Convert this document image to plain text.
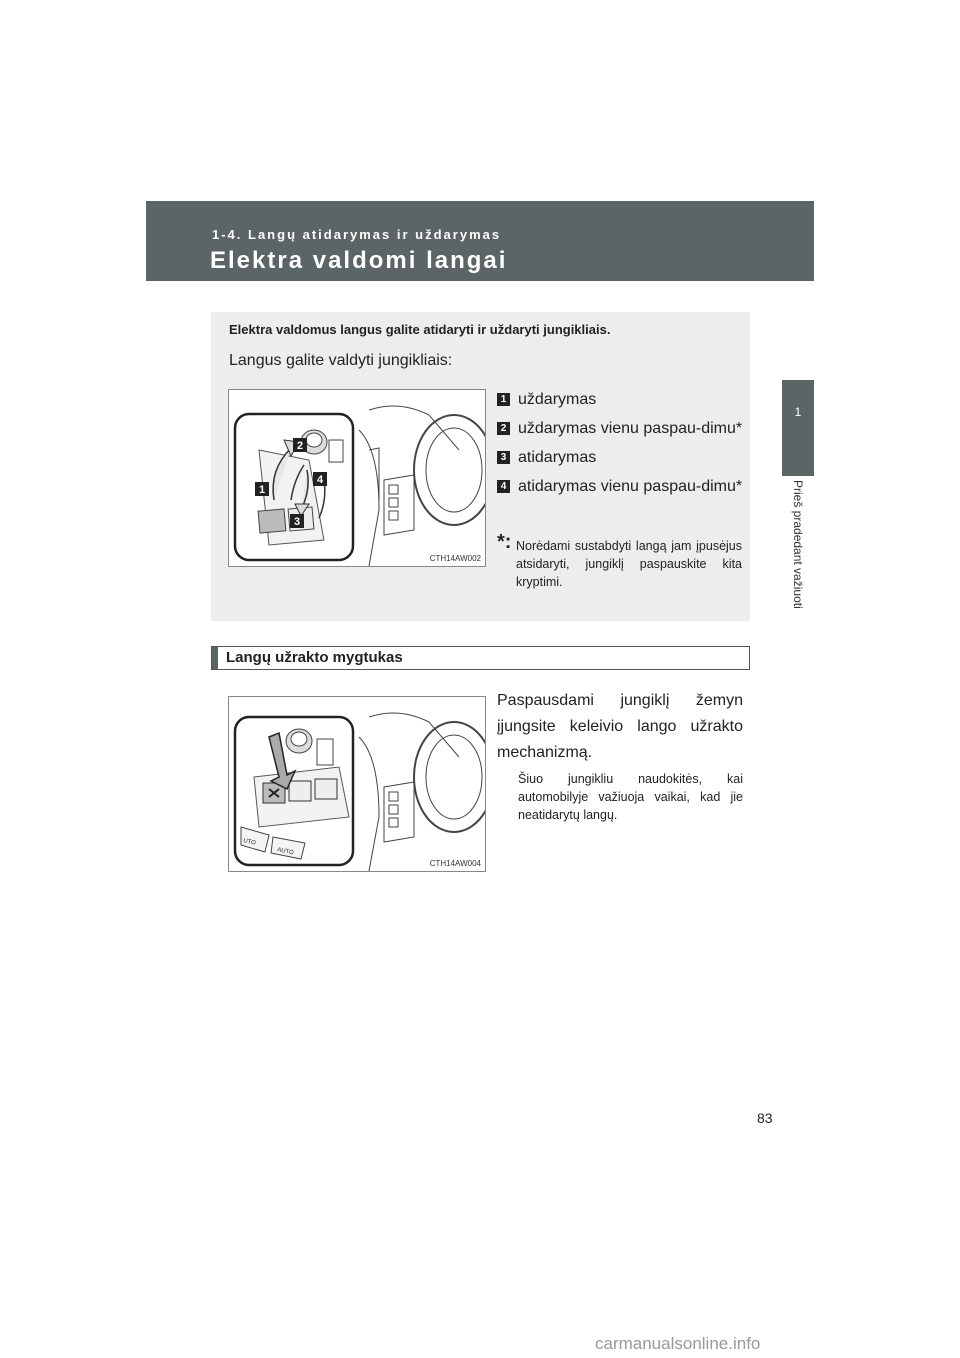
1-4. Langų atidarymas ir uždarymas
Elektra valdomi langai
1
Prieš pradedant važiuoti
Elektra valdomus langus galite atidaryti ir uždaryti jungikliais.
Langus galite valdyti jungikliais:
2
4
1
3
CTH14AW002
1 uždarymas
2 uždarymas vienu paspau-dimu*
3 atidarymas
4 atidarymas vienu paspau-dimu*
*: Norėdami sustabdyti langą jam įpusėjus atsidaryti, jungiklį paspauskite kita kryptimi.
Langų užrakto mygtukas
UTO
AUTO
CTH14AW004
Paspausdami jungiklį žemyn įjungsite keleivio lango užrakto mechanizmą.
Šiuo jungikliu naudokitės, kai automobilyje važiuoja vaikai, kad jie neatidarytų langų.
83
carmanualsonline.info
